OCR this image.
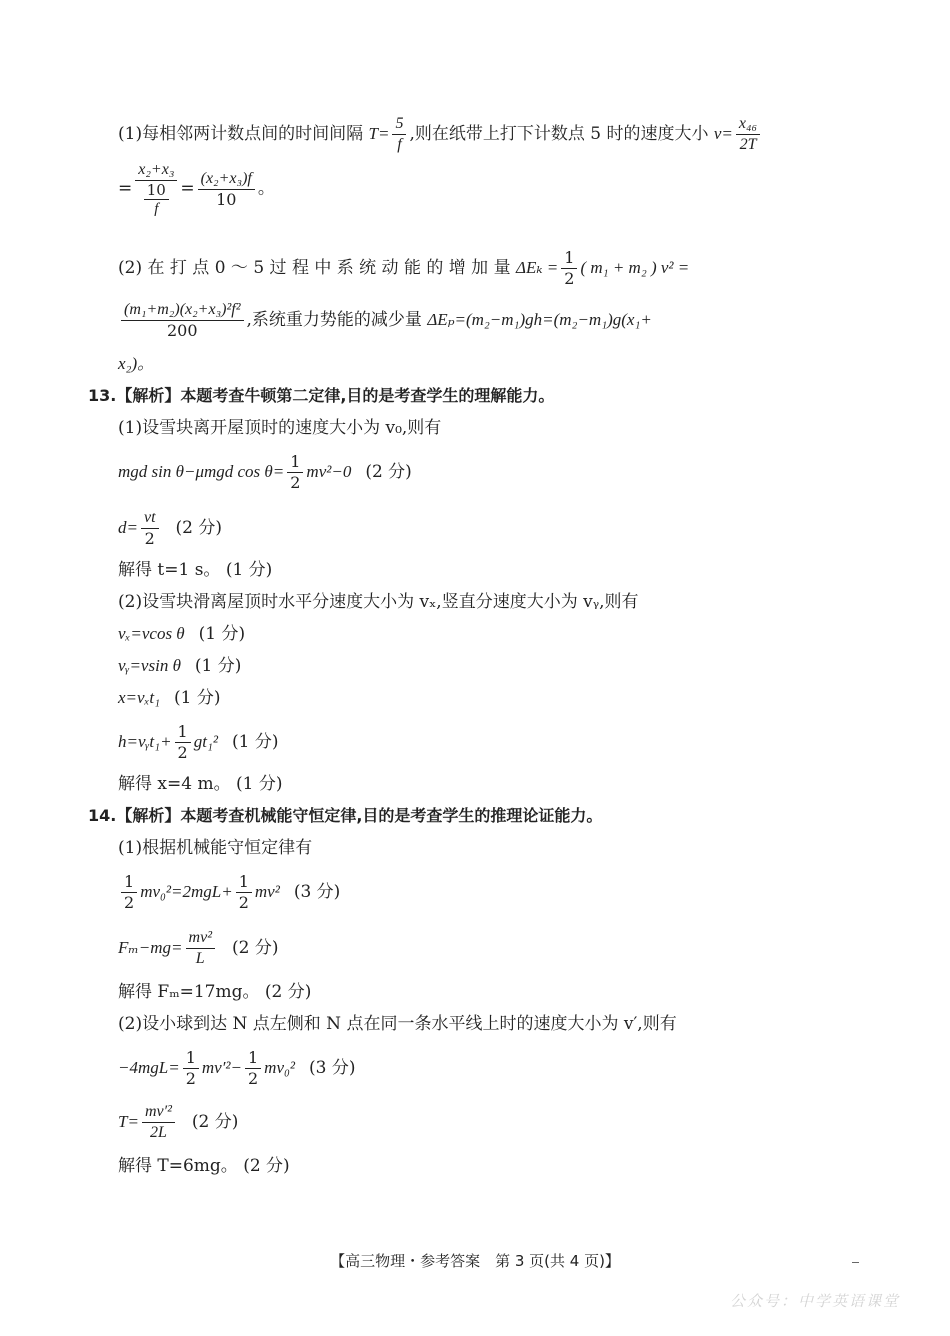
(1)每相邻两计数点间的时间间隔 $T= \frac{5}{f}$ ,则在纸带上打下计数点 5 时的速度大小 $v= \frac{\text{x₄₆}}{2T}$
= $\frac{\text{x₂+x₃}}{\frac{10}{f}} = \frac{\text{(x₂+x₃)f}}{10}$ 。
(2) 在 打 点 0 ～ 5 过 程 中 系 统 动 能 的 增 加 量 $\Delta E_k = \frac{1}{2}$ ( m₁ + m₂ ) v² =
$\frac{\text{(m₁+m₂)(x₂+x₃)²f²}}{200}$ ,系统重力势能的减少量 ΔEₚ=(m₂−m₁)gh=(m₂−m₁)g(x₁+
x₂)。
13.【解析】本题考查牛顿第二定律,目的是考查学生的理解能力。
(1)设雪块离开屋顶时的速度大小为 v₀,则有
mgd sin θ−μmgd $\cos \theta= \frac{1}{2} mv^2-0$ (2 分)
$d= \frac{vt}{2} (2$ 分)
解得 t=1 s。 (1 分)
(2)设雪块滑离屋顶时水平分速度大小为 vₓ,竖直分速度大小为 vᵧ,则有
vₓ=vcos θ (1 分)
vᵧ=vsin θ (1 分)
x=vₓt₁ (1 分)
h=vᵧt₁+ $\frac{1}{2} gt_1^2$ (1 分)
解得 x=4 m。 (1 分)
14.【解析】本题考查机械能守恒定律,目的是考查学生的推理论证能力。
(1)根据机械能守恒定律有
$\frac{1}{2} mv_0^2=2mgL+ \frac{1}{2} mv^2$ (3 分)
$F_m-mg= \frac{\text{mv²}}{L} (2$ 分)
解得 Fₘ=17mg。 (2 分)
(2)设小球到达 N 点左侧和 N 点在同一条水平线上时的速度大小为 v′,则有
$-4mgL= \frac{1}{2} mv'^2- \frac{1}{2} mv_0^2$ (3 分)
$T= \frac{\text{mv′²}}{2L} (2$ 分)
解得 T=6mg。 (2 分)
【高三物理・参考答案　第 3 页(共 4 页)】
公众号：中学英语课堂
